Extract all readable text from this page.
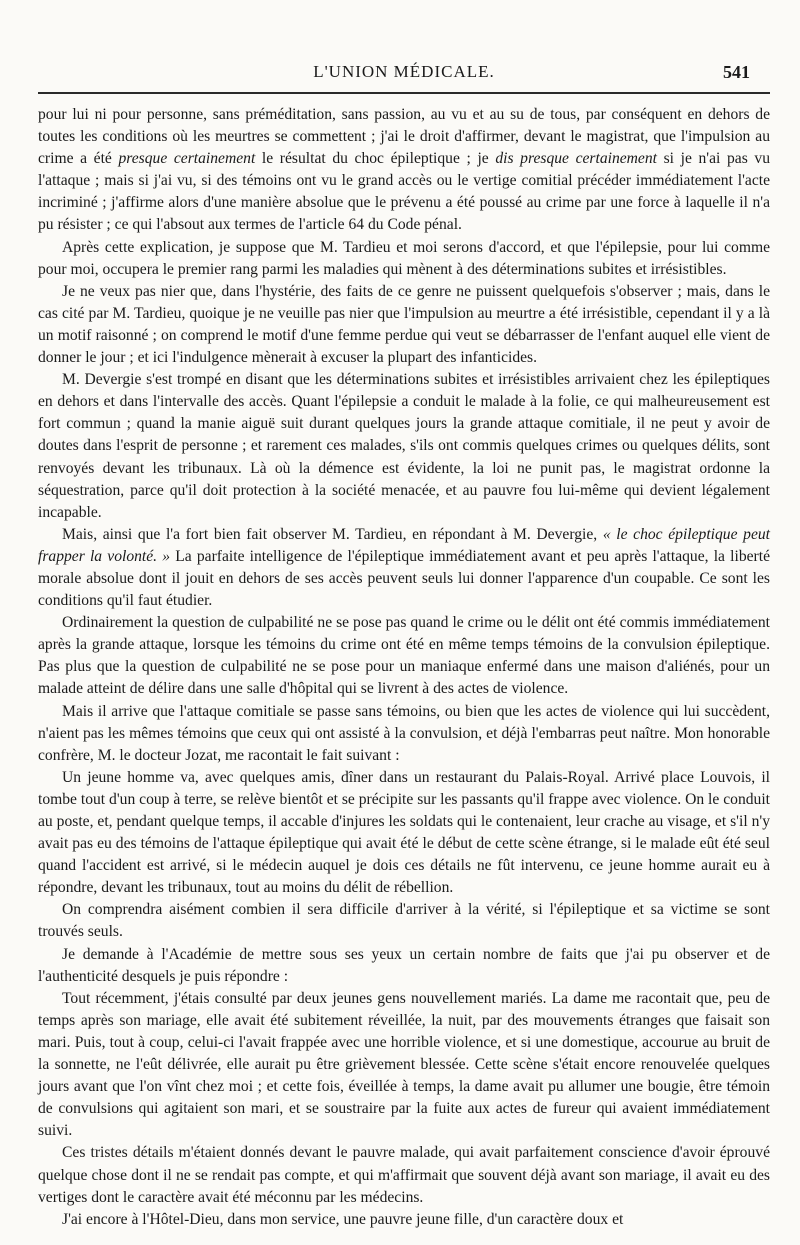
L'UNION MÉDICALE.	541

pour lui ni pour personne, sans préméditation, sans passion, au vu et au su de tous, par conséquent en dehors de toutes les conditions où les meurtres se commettent ; j'ai le droit d'affirmer, devant le magistrat, que l'impulsion au crime a été presque certainement le résultat du choc épileptique ; je dis presque certainement si je n'ai pas vu l'attaque ; mais si j'ai vu, si des témoins ont vu le grand accès ou le vertige comitial précéder immédiatement l'acte incriminé ; j'affirme alors d'une manière absolue que le prévenu a été poussé au crime par une force à laquelle il n'a pu résister ; ce qui l'absout aux termes de l'article 64 du Code pénal.

Après cette explication, je suppose que M. Tardieu et moi serons d'accord, et que l'épilepsie, pour lui comme pour moi, occupera le premier rang parmi les maladies qui mènent à des déterminations subites et irrésistibles.

Je ne veux pas nier que, dans l'hystérie, des faits de ce genre ne puissent quelquefois s'observer ; mais, dans le cas cité par M. Tardieu, quoique je ne veuille pas nier que l'impulsion au meurtre a été irrésistible, cependant il y a là un motif raisonné ; on comprend le motif d'une femme perdue qui veut se débarrasser de l'enfant auquel elle vient de donner le jour ; et ici l'indulgence mènerait à excuser la plupart des infanticides.

M. Devergie s'est trompé en disant que les déterminations subites et irrésistibles arrivaient chez les épileptiques en dehors et dans l'intervalle des accès. Quant l'épilepsie a conduit le malade à la folie, ce qui malheureusement est fort commun ; quand la manie aiguë suit durant quelques jours la grande attaque comitiale, il ne peut y avoir de doutes dans l'esprit de personne ; et rarement ces malades, s'ils ont commis quelques crimes ou quelques délits, sont renvoyés devant les tribunaux. Là où la démence est évidente, la loi ne punit pas, le magistrat ordonne la séquestration, parce qu'il doit protection à la société menacée, et au pauvre fou lui-même qui devient légalement incapable.

Mais, ainsi que l'a fort bien fait observer M. Tardieu, en répondant à M. Devergie, « le choc épileptique peut frapper la volonté. » La parfaite intelligence de l'épileptique immédiatement avant et peu après l'attaque, la liberté morale absolue dont il jouit en dehors de ses accès peuvent seuls lui donner l'apparence d'un coupable. Ce sont les conditions qu'il faut étudier.

Ordinairement la question de culpabilité ne se pose pas quand le crime ou le délit ont été commis immédiatement après la grande attaque, lorsque les témoins du crime ont été en même temps témoins de la convulsion épileptique. Pas plus que la question de culpabilité ne se pose pour un maniaque enfermé dans une maison d'aliénés, pour un malade atteint de délire dans une salle d'hôpital qui se livrent à des actes de violence.

Mais il arrive que l'attaque comitiale se passe sans témoins, ou bien que les actes de violence qui lui succèdent, n'aient pas les mêmes témoins que ceux qui ont assisté à la convulsion, et déjà l'embarras peut naître. Mon honorable confrère, M. le docteur Jozat, me racontait le fait suivant :

Un jeune homme va, avec quelques amis, dîner dans un restaurant du Palais-Royal. Arrivé place Louvois, il tombe tout d'un coup à terre, se relève bientôt et se précipite sur les passants qu'il frappe avec violence. On le conduit au poste, et, pendant quelque temps, il accable d'injures les soldats qui le contenaient, leur crache au visage, et s'il n'y avait pas eu des témoins de l'attaque épileptique qui avait été le début de cette scène étrange, si le malade eût été seul quand l'accident est arrivé, si le médecin auquel je dois ces détails ne fût intervenu, ce jeune homme aurait eu à répondre, devant les tribunaux, tout au moins du délit de rébellion.

On comprendra aisément combien il sera difficile d'arriver à la vérité, si l'épileptique et sa victime se sont trouvés seuls.

Je demande à l'Académie de mettre sous ses yeux un certain nombre de faits que j'ai pu observer et de l'authenticité desquels je puis répondre :

Tout récemment, j'étais consulté par deux jeunes gens nouvellement mariés. La dame me racontait que, peu de temps après son mariage, elle avait été subitement réveillée, la nuit, par des mouvements étranges que faisait son mari. Puis, tout à coup, celui-ci l'avait frappée avec une horrible violence, et si une domestique, accourue au bruit de la sonnette, ne l'eût délivrée, elle aurait pu être grièvement blessée. Cette scène s'était encore renouvelée quelques jours avant que l'on vînt chez moi ; et cette fois, éveillée à temps, la dame avait pu allumer une bougie, être témoin de convulsions qui agitaient son mari, et se soustraire par la fuite aux actes de fureur qui avaient immédiatement suivi.

Ces tristes détails m'étaient donnés devant le pauvre malade, qui avait parfaitement conscience d'avoir éprouvé quelque chose dont il ne se rendait pas compte, et qui m'affirmait que souvent déjà avant son mariage, il avait eu des vertiges dont le caractère avait été méconnu par les médecins.

J'ai encore à l'Hôtel-Dieu, dans mon service, une pauvre jeune fille, d'un caractère doux et
